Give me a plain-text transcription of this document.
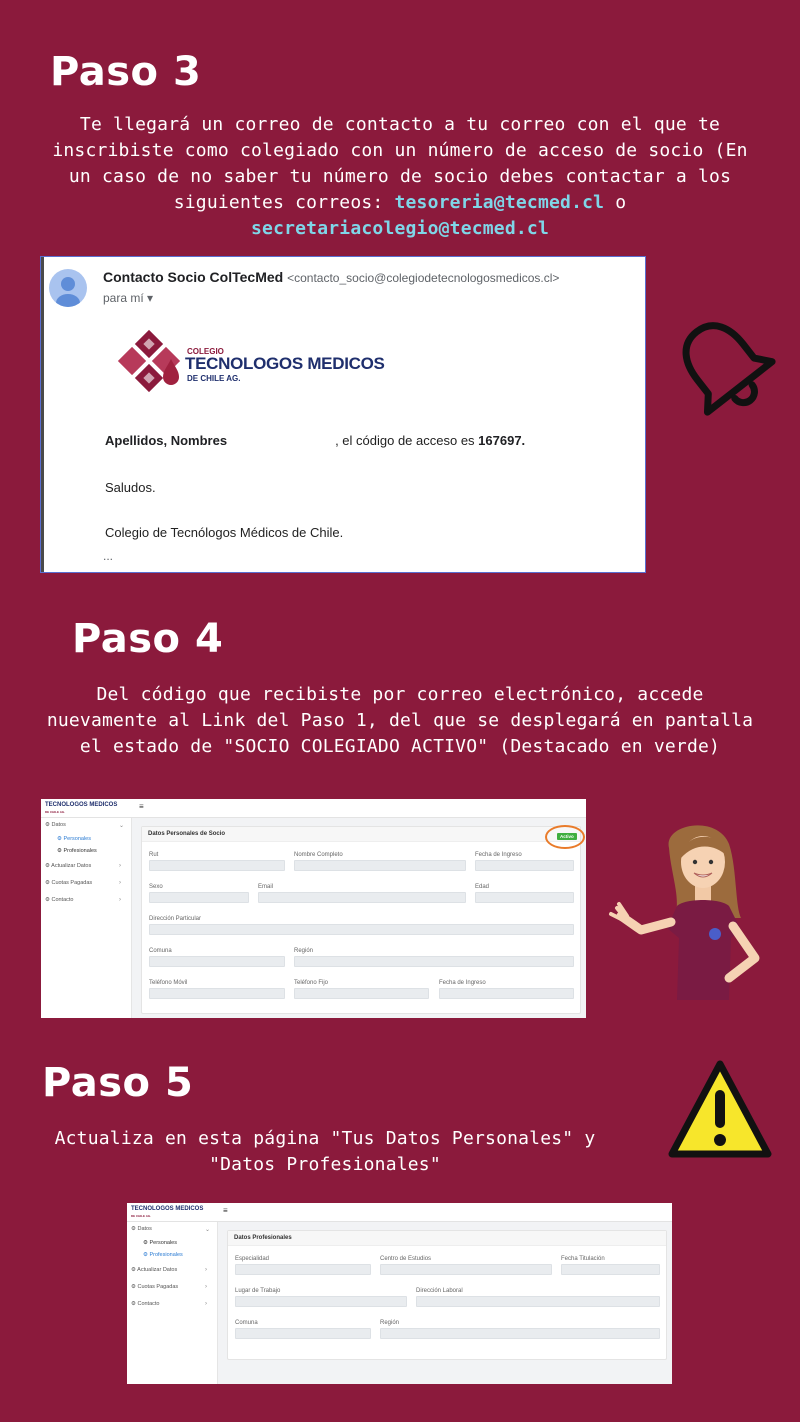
Paso 3
Te llegará un correo de contacto a tu correo con el que te inscribiste como colegiado con un número de acceso de socio (En un caso de no saber tu número de socio debes contactar a los siguientes correos: tesoreria@tecmed.cl o
secretariacolegio@tecmed.cl
Contacto Socio ColTecMed <contacto_socio@colegiodetecnologosmedicos.cl>
para mí ▾
COLEGIO
TECNOLOGOS MEDICOS
DE CHILE AG.
Apellidos, Nombres	, el código de acceso es 167697.
Saludos.
Colegio de Tecnólogos Médicos de Chile.
...
Paso 4
Del código que recibiste por correo electrónico, accede nuevamente al Link del Paso 1, del que se desplegará en pantalla el estado de "SOCIO COLEGIADO ACTIVO" (Destacado en verde)
TECNOLOGOS MEDICOS
DE CHILE AG.
≡
⚙ Datos	⌄
⚙ Personales
⚙ Profesionales
⚙ Actualizar Datos	›
⚙ Cuotas Pagadas	›
⚙ Contacto	›
Datos Personales de Socio	Activo
Rut	Nombre Completo	Fecha de Ingreso
Sexo	Email	Edad
Dirección Particular
Comuna	Región
Teléfono Móvil	Teléfono Fijo	Fecha de Ingreso
Paso 5
Actualiza en esta página "Tus Datos Personales" y "Datos Profesionales"
TECNOLOGOS MEDICOS
DE CHILE AG.
≡
⚙ Datos	⌄
⚙ Personales
⚙ Profesionales
⚙ Actualizar Datos	›
⚙ Cuotas Pagadas	›
⚙ Contacto	›
Datos Profesionales
Especialidad	Centro de Estudios	Fecha Titulación
Lugar de Trabajo	Dirección Laboral
Comuna	Región
